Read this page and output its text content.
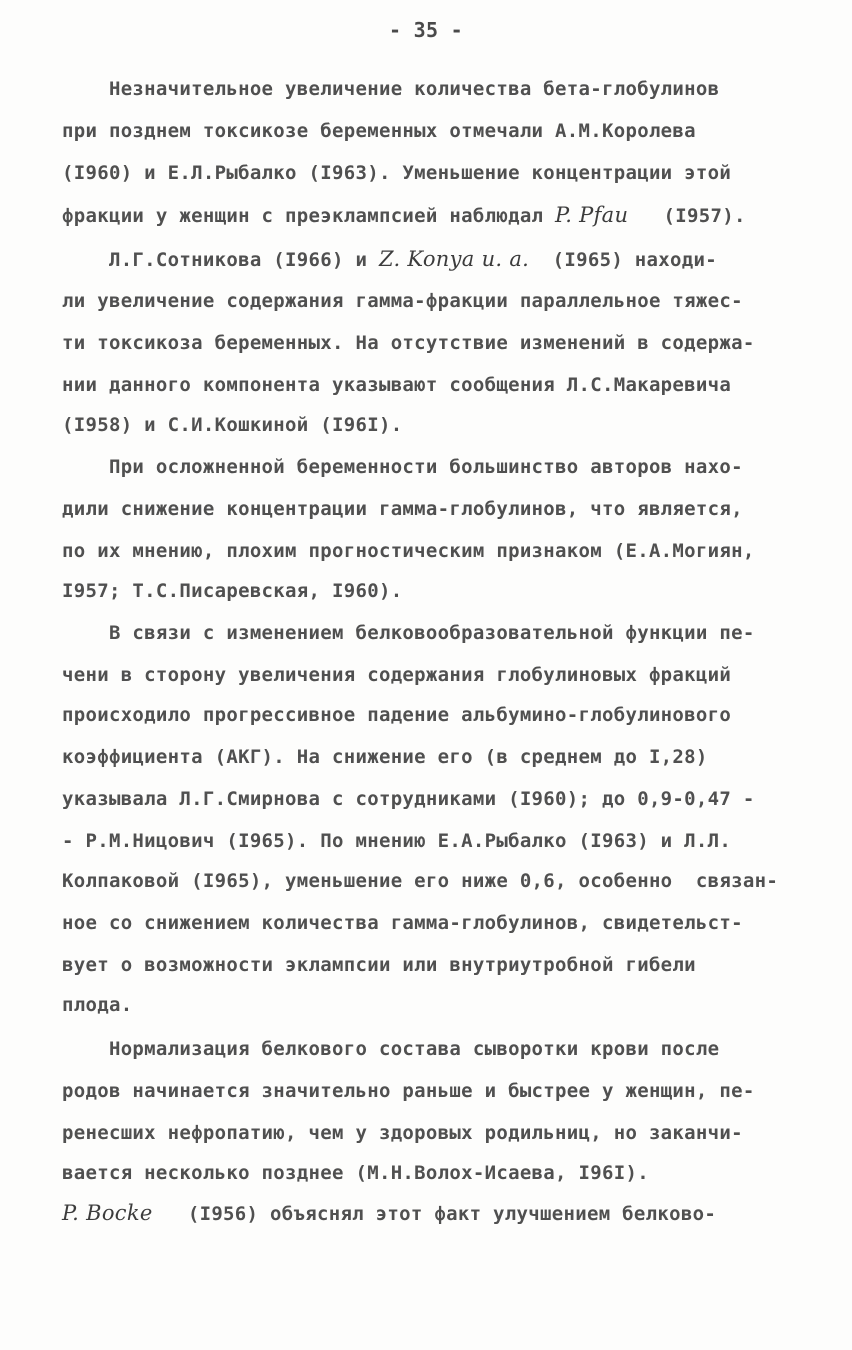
- 35 -
Незначительное увеличение количества бета-глобулинов
при позднем токсикозе беременных отмечали А.М.Королева
(I960) и Е.Л.Рыбалко (I963). Уменьшение концентрации этой
фракции у женщин с преэклампсией наблюдал P. Pfau   (I957).
Л.Г.Сотникова (I966) и Z. Konya u. a.  (I965) находи-
ли увеличение содержания гамма-фракции параллельное тяжес-
ти токсикоза беременных. На отсутствие изменений в содержа-
нии данного компонента указывают сообщения Л.С.Макаревича
(I958) и С.И.Кошкиной (I96I).
При осложненной беременности большинство авторов нахо-
дили снижение концентрации гамма-глобулинов, что является,
по их мнению, плохим прогностическим признаком (Е.А.Могиян,
I957; Т.С.Писаревская, I960).
В связи с изменением белковообразовательной функции пе-
чени в сторону увеличения содержания глобулиновых фракций
происходило прогрессивное падение альбумино-глобулинового
коэффициента (АКГ). На снижение его (в среднем до I,28)
указывала Л.Г.Смирнова с сотрудниками (I960); до 0,9-0,47 -
- Р.М.Ницович (I965). По мнению Е.А.Рыбалко (I963) и Л.Л.
Колпаковой (I965), уменьшение его ниже 0,6, особенно  связан-
ное со снижением количества гамма-глобулинов, свидетельст-
вует о возможности эклампсии или внутриутробной гибели
плода.
Нормализация белкового состава сыворотки крови после
родов начинается значительно раньше и быстрее у женщин, пе-
ренесших нефропатию, чем у здоровых родильниц, но заканчи-
вается несколько позднее (М.Н.Волох-Исаева, I96I).
P. Bocke   (I956) объяснял этот факт улучшением белково-
